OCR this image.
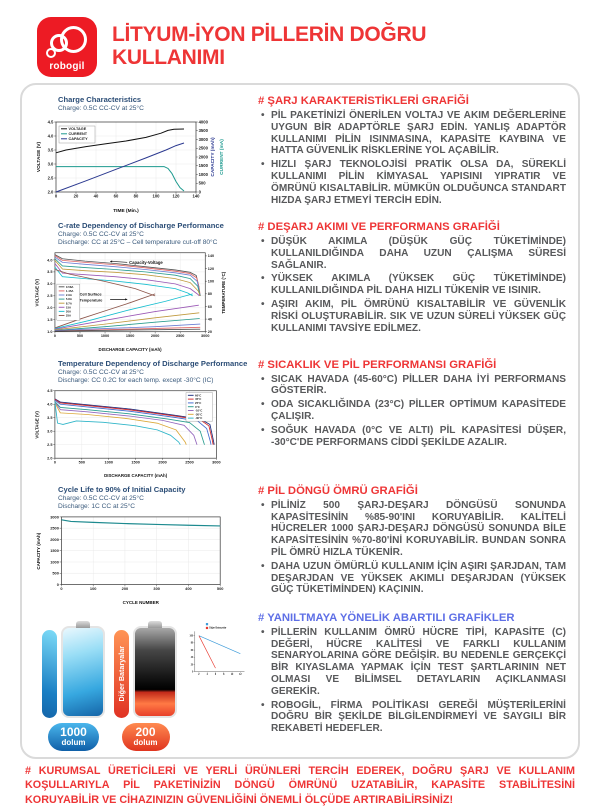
robogil
LİTYUM-İYON PİLLERİN DOĞRU
KULLANIMI
Charge Characteristics
Charge: 0.5C CC-CV at 25°C
0	20	40	60	80	100	120	140
2.0
2.5
3.0
3.5
4.0
4.5
0
500
1000
1500
2000
2500
3000
3500
4000
TIME (Min.)
VOLTAGE (V)	CAPACITY (mAh) CURRENT (mA)
VOLTAGE
CURRENT
CAPACITY
# ŞARJ KARAKTERİSTİKLERİ GRAFİĞİ
• PİL PAKETİNİZİ ÖNERİLEN VOLTAJ VE AKIM DEĞERLERİNE UYGUN BİR ADAPTÖRLE ŞARJ EDİN. YANLIŞ ADAPTÖR KULLANIMI PİLİN ISINMASINA, KAPASİTE KAYBINA VE HATTA GÜVENLİK RİSKLERİNE YOL AÇABİLİR.
• HIZLI ŞARJ TEKNOLOJİSİ PRATİK OLSA DA, SÜREKLİ KULLANIMI PİLİN KİMYASAL YAPISINI YIPRATIR VE ÖMRÜNÜ KISALTABİLİR. MÜMKÜN OLDUĞUNCA STANDART HIZDA ŞARJ ETMEYİ TERCİH EDİN.
C-rate Dependency of Discharge Performance
Charge: 0.5C CC-CV at 25°C
Discharge: CC at 25°C – Cell temperature cut-off 80°C
0	500	1000	1500	2000	2500	3000
1.0
1.5
2.0
2.5
3.0
3.5
4.0
20
40
60
80
100
120
140
DISCHARGE CAPACITY (mAh)
VOLTAGE (V)	TEMPERATURE (°C)
0.58A
1.45A
2.9A
5.8A
8.7A
15A
20A
25A
Capacity-Voltage
Cell Surface
Temperature
# DEŞARJ AKIMI VE PERFORMANS GRAFİĞİ
• DÜŞÜK AKIMLA (DÜŞÜK GÜÇ TÜKETİMİNDE) KULLANILDIĞINDA DAHA UZUN ÇALIŞMA SÜRESİ SAĞLANIR.
• YÜKSEK AKIMLA (YÜKSEK GÜÇ TÜKETİMİNDE) KULLANILDIĞINDA PİL DAHA HIZLI TÜKENİR VE ISINIR.
• AŞIRI AKIM, PİL ÖMRÜNÜ KISALTABİLİR VE GÜVENLİK RİSKİ OLUŞTURABİLİR. SIK VE UZUN SÜRELİ YÜKSEK GÜÇ KULLANIMI TAVSİYE EDİLMEZ.
Temperature Dependency of Discharge Performance
Charge: 0.5C CC-CV at 25°C
Discharge: CC 0.2C for each temp. except -30°C (IC)
0	500	1000	1500	2000	2500	3000
2.0
2.5
3.0
3.5
4.0
4.5
DISCHARGE CAPACITY (mAh)
VOLTAGE (V)
60°C
45°C
25°C
0°C
-10°C
-20°C
-30°C
# SICAKLIK VE PİL PERFORMANSI GRAFİĞİ
• SICAK HAVADA (45-60°C) PİLLER DAHA İYİ PERFORMANS GÖSTERİR.
• ODA SICAKLIĞINDA (23°C) PİLLER OPTİMUM KAPASİTEDE ÇALIŞIR.
• SOĞUK HAVADA (0°C VE ALTI) PİL KAPASİTESİ DÜŞER, -30°C'DE PERFORMANS CİDDİ ŞEKİLDE AZALIR.
Cycle Life to 90% of Initial Capacity
Charge: 0.5C CC-CV at 25°C
Discharge: 1C CC at 25°C
0	100	200	300	400	500
0
500
1000
1500
2000
2500
3000
CYCLE NUMBER
CAPACITY (mAh)
# PİL DÖNGÜ ÖMRÜ GRAFİĞİ
• PİLİNİZ 500 ŞARJ-DEŞARJ DÖNGÜSÜ SONUNDA KAPASİTESİNİN %85-90'INI KORUYABİLİR. KALİTELİ HÜCRELER 1000 ŞARJ-DEŞARJ DÖNGÜSÜ SONUNDA BİLE KAPASİTESİNİN %70-80'İNİ KORUYABİLİR. BUNDAN SONRA PİL ÖMRÜ HIZLA TÜKENİR.
• DAHA UZUN ÖMÜRLÜ KULLANIM İÇİN AŞIRI ŞARJDAN, TAM DEŞARJDAN VE YÜKSEK AKIMLI DEŞARJDAN (YÜKSEK GÜÇ TÜKETİMİNDEN) KAÇININ.
1000
dolum
Diğer Bataryalar
200
dolum
2 4 6 8 10 12
0
20
40
60
80
100
Diğer Bataryalar
# YANILTMAYA YÖNELİK ABARTILI GRAFİKLER
• PİLLERİN KULLANIM ÖMRÜ HÜCRE TİPİ, KAPASİTE (C) DEĞERİ, HÜCRE KALİTESİ VE FARKLI KULLANIM SENARYOLARINA GÖRE DEĞİŞİR. BU NEDENLE GERÇEKÇİ BİR KIYASLAMA YAPMAK İÇİN TEST ŞARTLARININ NET OLMASI VE BİLİMSEL DETAYLARIN AÇIKLANMASI GEREKİR.
• ROBOGİL, FİRMA POLİTİKASI GEREĞİ MÜŞTERİLERİNİ DOĞRU BİR ŞEKİLDE BİLGİLENDİRMEYİ VE SAYGILI BİR REKABETİ HEDEFLER.

# KURUMSAL ÜRETİCİLERİ VE YERLİ ÜRÜNLERİ TERCİH EDEREK, DOĞRU ŞARJ VE KULLANIM KOŞULLARIYLA PİL PAKETİNİZİN DÖNGÜ ÖMRÜNÜ UZATABİLİR, KAPASİTE STABİLİTESİNİ KORUYABİLİR VE CİHAZINIZIN GÜVENLİĞİNİ ÖNEMLİ ÖLÇÜDE ARTIRABİLİRSİNİZ!
